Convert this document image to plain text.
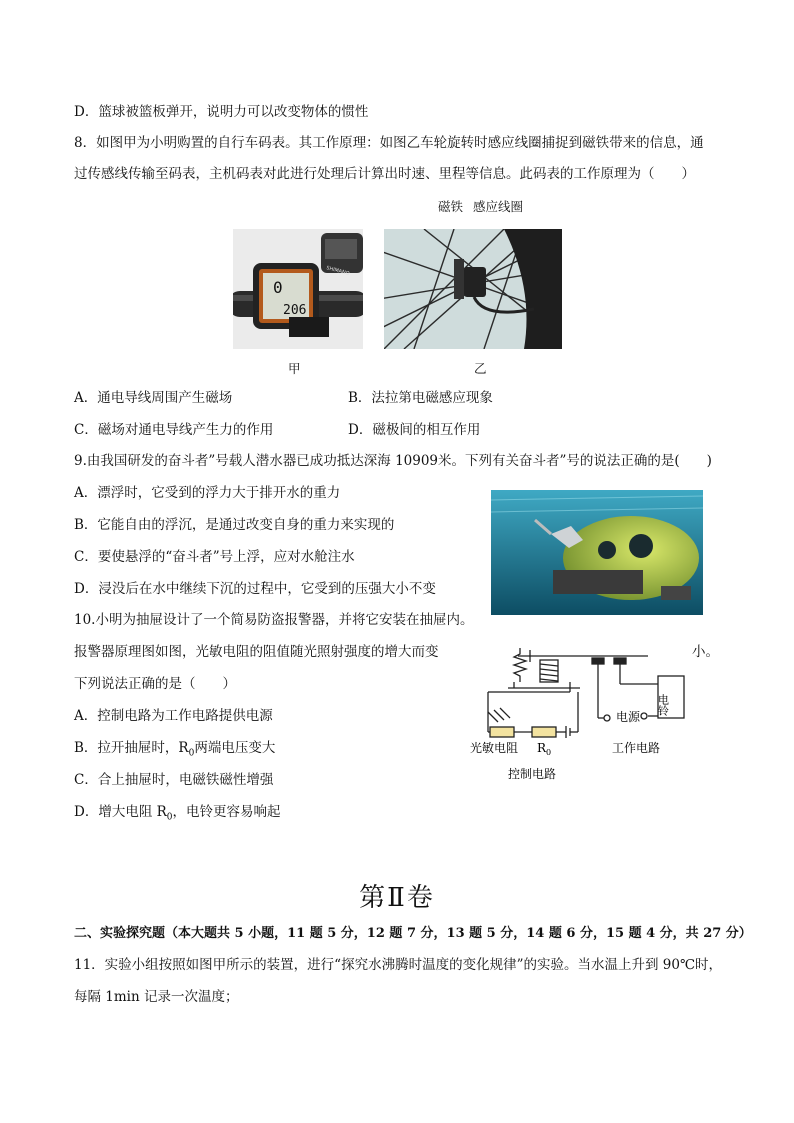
D．篮球被篮板弹开，说明力可以改变物体的惯性
8．如图甲为小明购置的自行车码表。其工作原理：如图乙车轮旋转时感应线圈捕捉到磁铁带来的信息，通
过传感线传输至码表，主机码表对此进行处理后计算出时速、里程等信息。此码表的工作原理为（　　）
磁铁 感应线圈
0
206
SHIMANO
甲	乙
A．通电导线周围产生磁场	B．法拉第电磁感应现象
C．磁场对通电导线产生力的作用	D．磁极间的相互作用
9.由我国研发的奋斗者”号载人潜水器已成功抵达深海 10909米。下列有关奋斗者”号的说法正确的是(　　)
A．漂浮时，它受到的浮力大于排开水的重力
B．它能自由的浮沉，是通过改变自身的重力来实现的
C．要使悬浮的“奋斗者”号上浮，应对水舱注水
D．浸没后在水中继续下沉的过程中，它受到的压强大小不变
10.小明为抽屉设计了一个简易防盗报警器，并将它安装在抽屉内。
报警器原理图如图，光敏电阻的阻值随光照射强度的增大而变	小。
下列说法正确的是（　　）
A．控制电路为工作电路提供电源
B．拉开抽屉时，$R_0$两端电压变大
C．合上抽屉时，电磁铁磁性增强
D．增大电阻 $R_0$，电铃更容易响起
电铃
电源
光敏电阻 $R_0$	工作电路
控制电路
第Ⅱ卷
二、实验探究题（本大题共 5 小题，11 题 5 分，12 题 7 分，13 题 5 分，14 题 6 分，15 题 4 分，共 27 分）
11．实验小组按照如图甲所示的装置，进行“探究水沸腾时温度的变化规律”的实验。当水温上升到 90℃时，
每隔 1min 记录一次温度；
